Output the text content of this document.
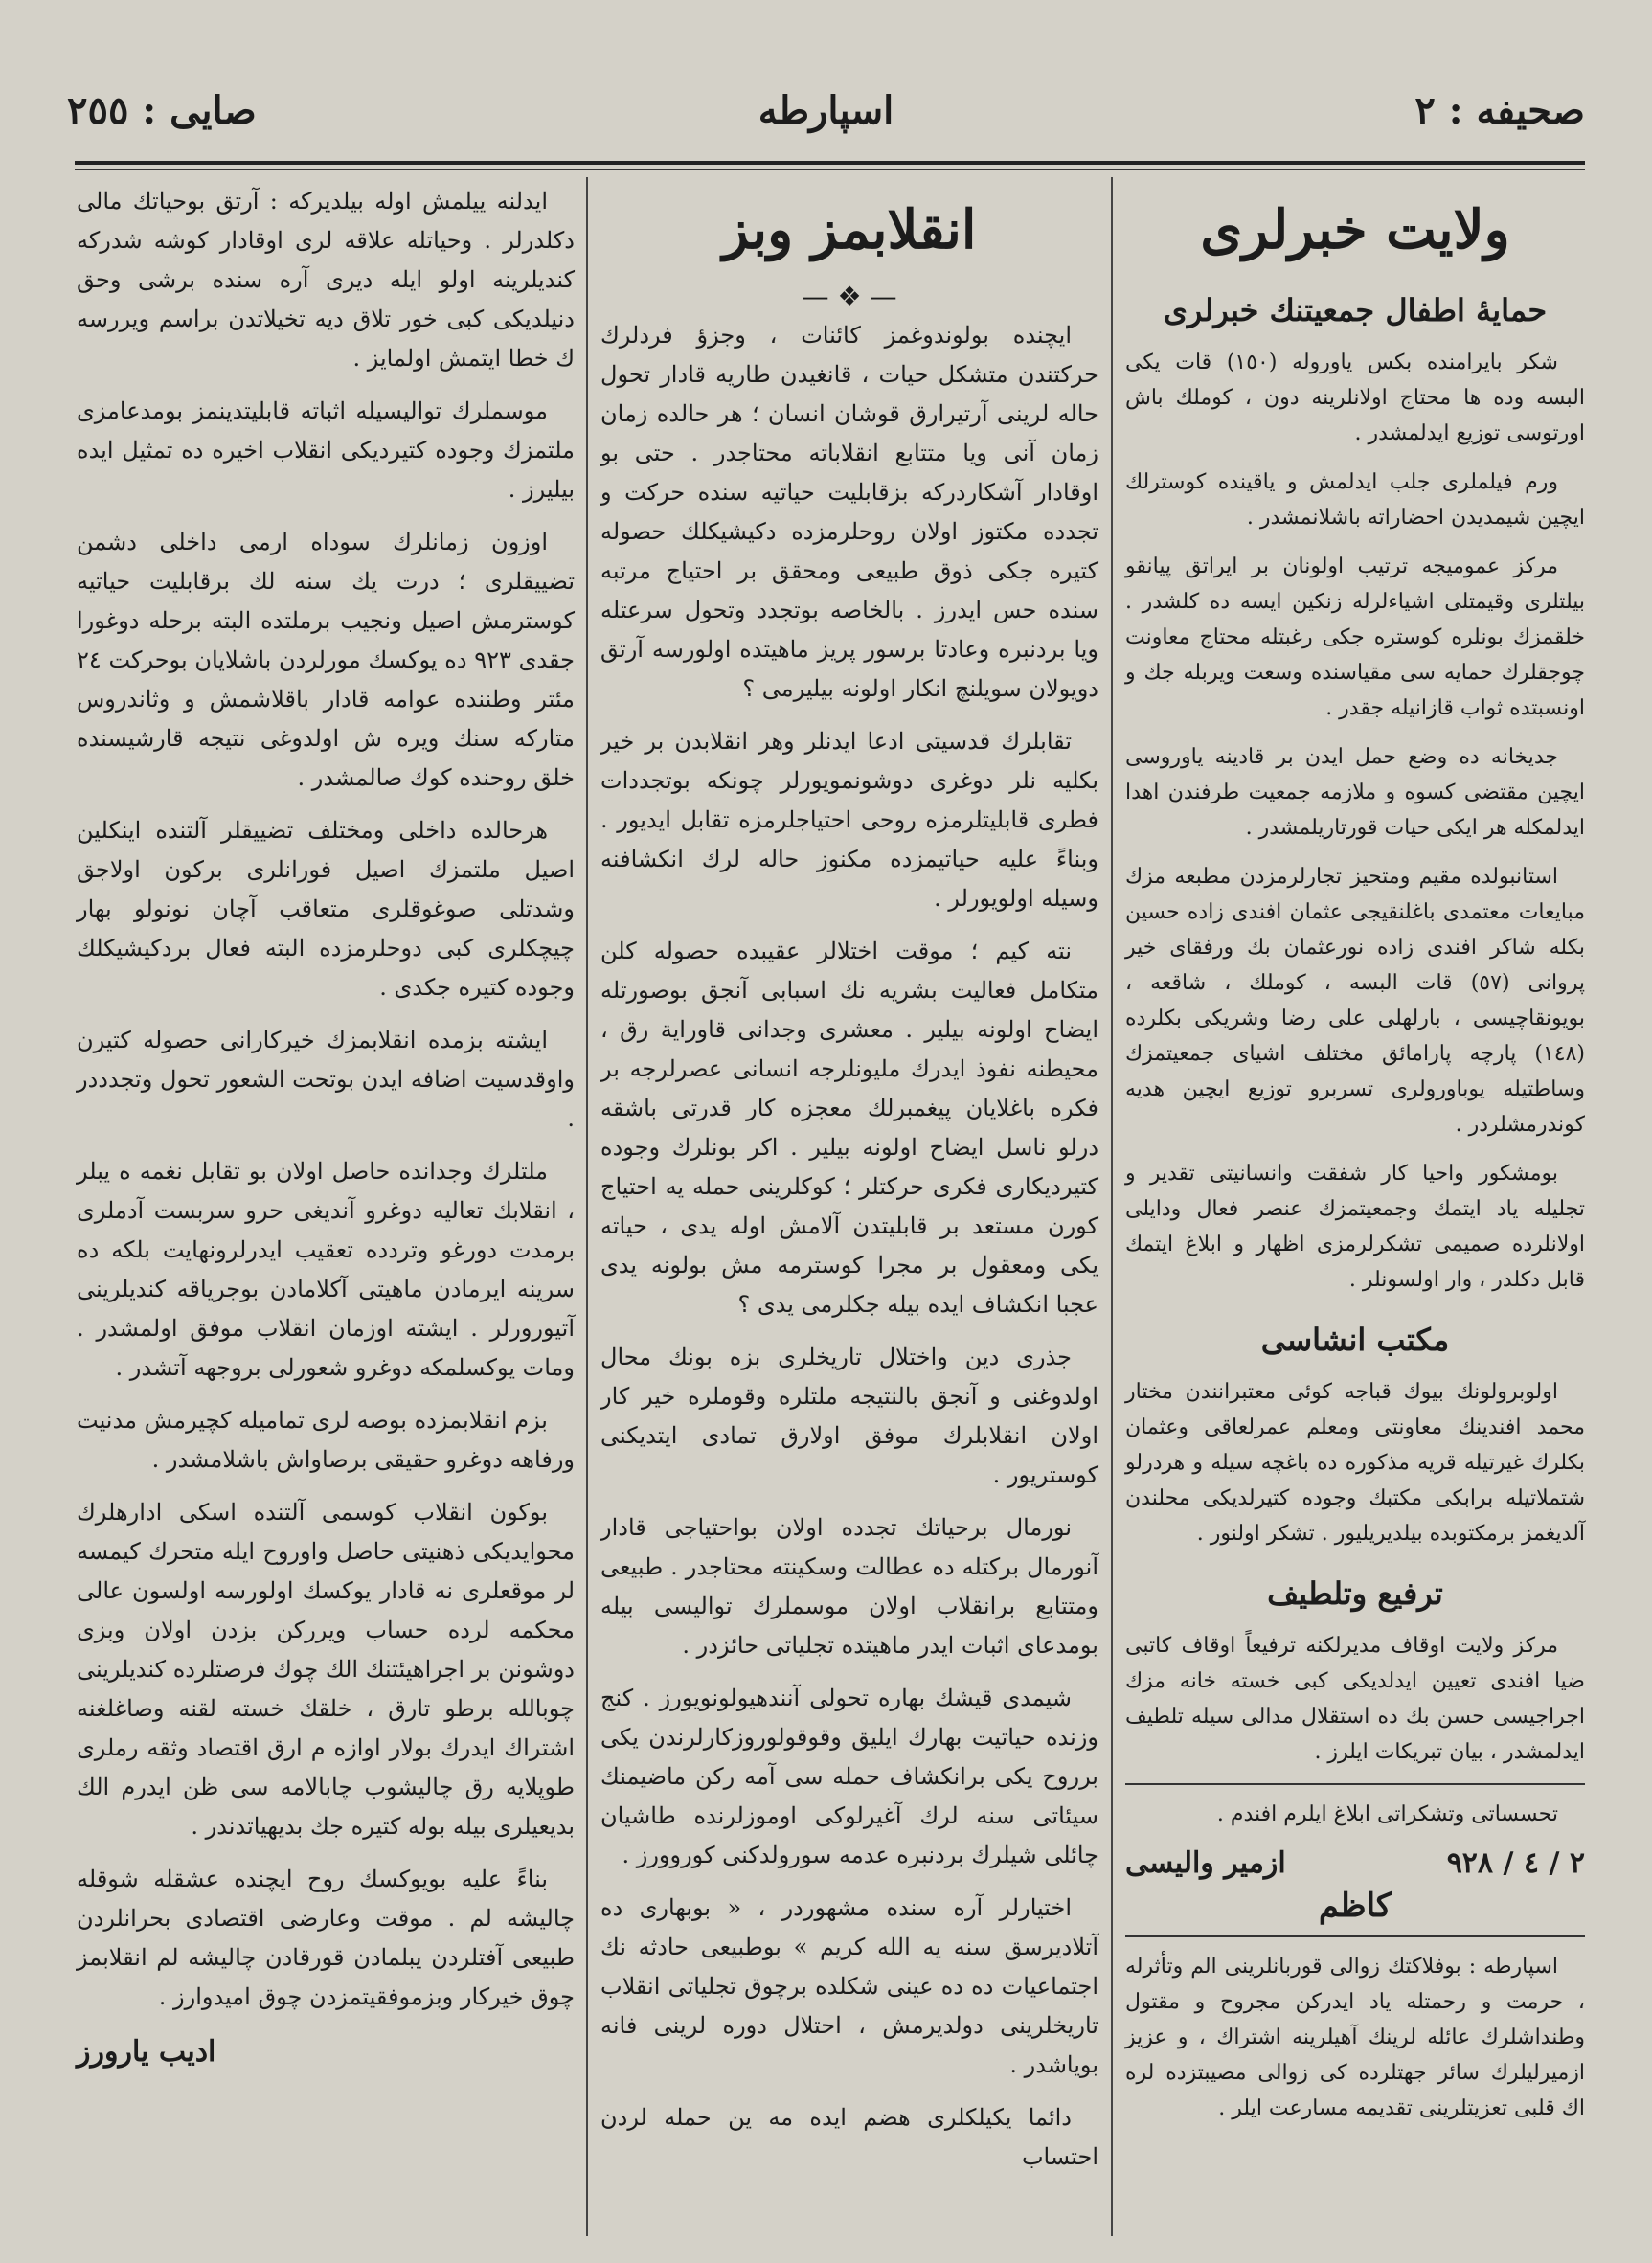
صحيفه : ٢
اسپارطه
صايى : ٢٥٥
ولايت خبرلرى
حمايهٔ اطفال جمعيتنك خبرلرى

شكر بايرامنده بكس ياوروله (١٥٠) قات يكى البسه وده ها محتاج اولانلرينه دون ، كوملك باش اورتوسى توزيع ايدلمشدر .

ورم فيلملرى جلب ايدلمش و ياقينده كوسترلك ايچين شيمديدن احضاراته باشلانمشدر .

مركز عموميجه ترتيب اولونان بر ايراتق پيانقو بيلتلرى وقيمتلى اشياءلرله زنكين ايسه ده كلشدر . خلقمزك بونلره كوستره جكى رغبتله محتاج معاونت چوجقلرك حمايه سى مقياسنده وسعت ويربله جك و اونسبتده ثواب قازانيله جقدر .

جديخانه ده وضع حمل ايدن بر قادينه ياوروسى ايچين مقتضى كسوه و ملازمه جمعيت طرفندن اهدا ايدلمكله هر ايكى حيات قورتاريلمشدر .

استانبولده مقيم ومتحيز تجارلرمزدن مطبعه مزك مبايعات معتمدى باغلنقيجى عثمان افندى زاده حسين بكله شاكر افندى زاده نورعثمان بك ورفقاى خير پروانى (٥٧) قات البسه ، كوملك ، شاقعه ، بويونقاچيسى ، بارلهلى على رضا وشريكى بكلرده (١٤٨) پارچه پارامائق مختلف اشياى جمعيتمزك وساطتيله يوباورولرى تسربرو توزيع ايچين هديه كوندرمشلردر .

بومشكور واحيا كار شفقت وانسانيتى تقدير و تجليله ياد ايتمك وجمعيتمزك عنصر فعال ودايلى اولانلرده صميمى تشكرلرمزى اظهار و ابلاغ ايتمك قابل دكلدر ، وار اولسونلر .

مكتب انشاسى

اولوبرولونك بيوك قباجه كوئى معتبرانندن مختار محمد افندينك معاونتى ومعلم عمرلعاقى وعثمان بكلرك غيرتيله قريه مذكوره ده باغچه سيله و هردرلو شتملاتيله برابكى مكتبك وجوده كتيرلديكى محلندن آلديغمز برمكتوبده بيلديريليور . تشكر اولنور .

ترفيع وتلطيف

مركز ولايت اوقاف مديرلكنه ترفيعاً اوقاف كاتبى ضيا افندى تعيين ايدلديكى كبى خسته خانه مزك اجراجيسى حسن بك ده استقلال مدالى سيله تلطيف ايدلمشدر ، بيان تبريكات ايلرز .

تحسساتى وتشكراتى ابلاغ ايلرم افندم .

٢ / ٤ / ٩٢٨
ازمير واليسى
كاظم

اسپارطه : بوفلاكتك زوالى قوربانلرينى الم وتأثرله ، حرمت و رحمتله ياد ايدركن مجروح و مقتول وطنداشلرك عائله لرينك آهيلرينه اشتراك ، و عزيز ازميرليلرك سائر جهتلرده كى زوالى مصيبتزده لره اك قلبى تعزيتلرينى تقديمه مسارعت ايلر .

انقلابمز وبز
— ❖ —

ايچنده بولوندوغمز كائنات ، وجزؤ فردلرك حركتندن متشكل حيات ، قانغيدن طاريه قادار تحول حاله لرينى آرتيرارق قوشان انسان ؛ هر حالده زمان زمان آنى ويا متتابع انقلاباته محتاجدر . حتى بو اوقادار آشكاردركه بزقابليت حياتيه سنده حركت و تجدده مكتوز اولان روحلرمزده دكيشيكلك حصوله كتيره جكى ذوق طبيعى ومحقق بر احتياج مرتبه سنده حس ايدرز . بالخاصه بوتجدد وتحول سرعتله ويا بردنبره وعادتا برسور پريز ماهيتده اولورسه آرتق دويولان سويلنچ انكار اولونه بيليرمى ؟

تقابلرك قدسيتى ادعا ايدنلر وهر انقلابدن بر خير بكليه نلر دوغرى دوشونمويورلر چونكه بوتجددات فطرى قابليتلرمزه روحى احتياجلرمزه تقابل ايديور . وبناءً عليه حياتيمزده مكنوز حاله لرك انكشافنه وسيله اولويورلر .

نته كيم ؛ موقت اختلالر عقيبده حصوله كلن متكامل فعاليت بشريه نك اسبابى آنجق بوصورتله ايضاح اولونه بيلير . معشرى وجدانى قاوراية رق ، محيطنه نفوذ ايدرك مليونلرجه انسانى عصرلرجه بر فكره باغلايان پيغمبرلك معجزه كار قدرتى باشقه درلو ناسل ايضاح اولونه بيلير . اكر بونلرك وجوده كتيرديكارى فكرى حركتلر ؛ كوكلرينى حمله يه احتياج كورن مستعد بر قابليتدن آلامش اوله يدى ، حياته يكى ومعقول بر مجرا كوسترمه مش بولونه يدى عجبا انكشاف ايده بيله جكلرمى يدى ؟

جذرى دين واختلال تاريخلرى بزه بونك محال اولدوغنى و آنجق بالنتيجه ملتلره وقوملره خير كار اولان انقلابلرك موفق اولارق تمادى ايتديكنى كوستريور .

نورمال برحياتك تجدده اولان بواحتياجى قادار آنورمال بركتله ده عطالت وسكينته محتاجدر . طبيعى ومتتابع برانقلاب اولان موسملرك تواليسى بيله بومدعاى اثبات ايدر ماهيتده تجلياتى حائزدر .

شيمدى قيشك بهاره تحولى آنندهيولونويورز . كنج وزنده حياتيت بهارك ايليق وقوقولوروزكارلرندن يكى برروح يكى برانكشاف حمله سى آمه ركن ماضيمنك سيئاتى سنه لرك آغيرلوكى اوموزلرنده طاشيان چائلى شيلرك بردنبره عدمه سورولدكنى كوروورز .

اختيارلر آره سنده مشهوردر ، « بوبهارى ده آتلاديرسق سنه يه الله كريم » بوطبيعى حادثه نك اجتماعيات ده ده عينى شكلده برچوق تجلياتى انقلاب تاريخلرينى دولديرمش ، احتلال دوره لرينى فانه بوياشدر .

دائما يكيلكلرى هضم ايده مه ين حمله لردن احتساب

ايدلنه ييلمش اوله بيلديركه : آرتق بوحياتك مالى دكلدرلر . وحياتله علاقه لرى اوقادار كوشه شدركه كنديلرينه اولو ايله ديرى آره سنده برشى وحق دنيلديكى كبى خور تلاق ديه تخيلاتدن براسم ويررسه ك خطا ايتمش اولمايز .

موسملرك تواليسيله اثباته قابليتدينمز بومدعامزى ملتمزك وجوده كتيرديكى انقلاب اخيره ده تمثيل ايده بيليرز .

اوزون زمانلرك سوداه ارمى داخلى دشمن تضييقلرى ؛ درت يك سنه لك برقابليت حياتيه كوسترمش اصيل ونجيب برملتده البته برحله دوغورا جقدى ٩٢٣ ده يوكسك مورلردن باشلايان بوحركت ٢٤ مئتر وطننده عوامه قادار باقلاشمش و وثاندروس متاركه سنك ويره ش اولدوغى نتيجه قارشيسنده خلق روحنده كوك صالمشدر .

هرحالده داخلى ومختلف تضييقلر آلتنده اينكلين اصيل ملتمزك اصيل فورانلرى بركون اولاجق وشدتلى صوغوقلرى متعاقب آچان نونولو بهار چيچكلرى كبى دوحلرمزده البته فعال بردكيشيكلك وجوده كتيره جكدى .

ايشته بزمده انقلابمزك خيركارانى حصوله كتيرن واوقدسيت اضافه ايدن بوتحت الشعور تحول وتجدددر .

ملتلرك وجدانده حاصل اولان بو تقابل نغمه ه يبلر ، انقلابك تعاليه دوغرو آنديغى حرو سربست آدملرى برمدت دورغو وتردده تعقيب ايدرلرونهايت بلكه ده سرينه ايرمادن ماهيتى آكلامادن بوجرياقه كنديلرينى آتيورورلر . ايشته اوزمان انقلاب موفق اولمشدر . ومات يوكسلمكه دوغرو شعورلى بروجهه آتشدر .

بزم انقلابمزده بوصه لرى تماميله كچيرمش مدنيت ورفاهه دوغرو حقيقى برصاواش باشلامشدر .

بوكون انقلاب كوسمى آلتنده اسكى ادارهلرك محوايديكى ذهنيتى حاصل واوروح ايله متحرك كيمسه لر موقعلرى نه قادار يوكسك اولورسه اولسون عالى محكمه لرده حساب ويرركن بزدن اولان وبزى دوشونن بر اجراهيئتنك الك چوك فرصتلرده كنديلرينى چوبالله برطو تارق ، خلقك خسته لقنه وصاغلغنه اشتراك ايدرك بولار اوازه م ارق اقتصاد وثقه رملرى طوپلايه رق چاليشوب چابالامه سى ظن ايدرم الك بديعيلرى بيله بوله كتيره جك بديهياتدندر .

بناءً عليه بويوكسك روح ايچنده عشقله شوقله چاليشه لم . موقت وعارضى اقتصادى بحرانلردن طبيعى آفتلردن يبلمادن قورقادن چاليشه لم انقلابمز چوق خيركار وبزموفقيتمزدن چوق اميدوارز .

اديب يارورز
